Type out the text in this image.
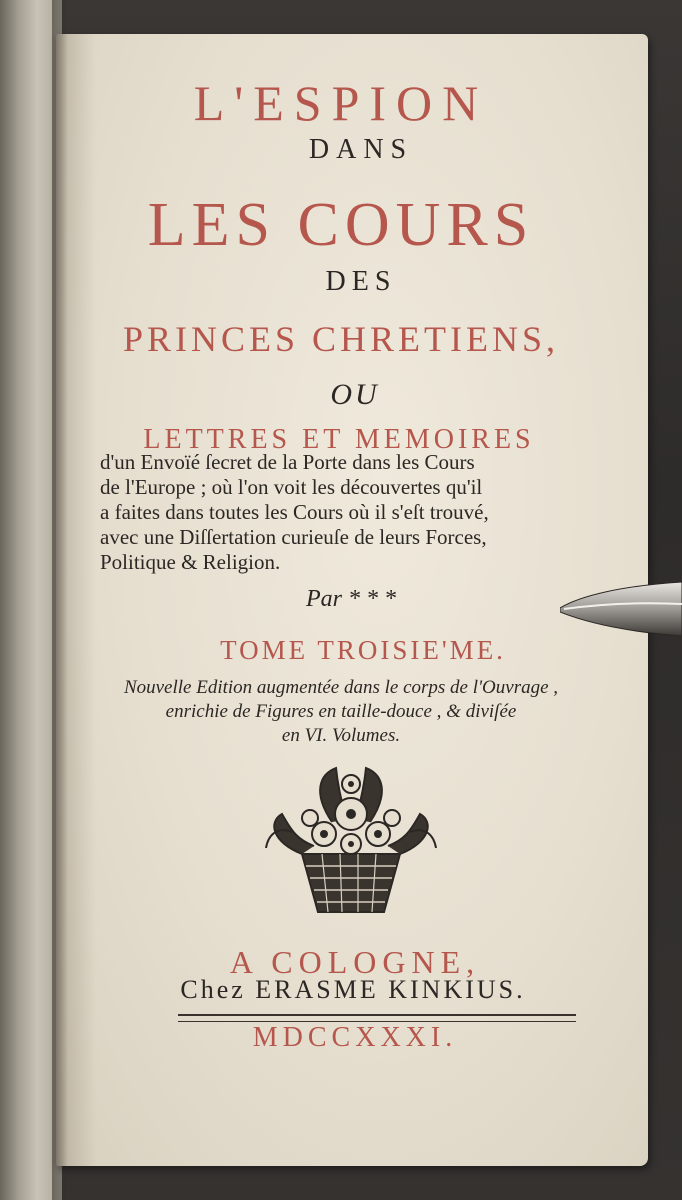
L'ESPION
DANS
LES COURS
DES
PRINCES CHRETIENS,
OU
LETTRES ET MEMOIRES
d'un Envoïé ſecret de la Porte dans les Cours
de l'Europe ; où l'on voit les découvertes qu'il
a faites dans toutes les Cours où il s'eſt trouvé,
avec une Diſſertation curieuſe de leurs Forces,
Politique & Religion.
Par * * *
TOME TROISIE'ME.
Nouvelle Edition augmentée dans le corps de l'Ouvrage ,
enrichie de Figures en taille-douce , & diviſée
en VI. Volumes.
A COLOGNE,
Chez ERASME KINKIUS.
MDCCXXXI.
